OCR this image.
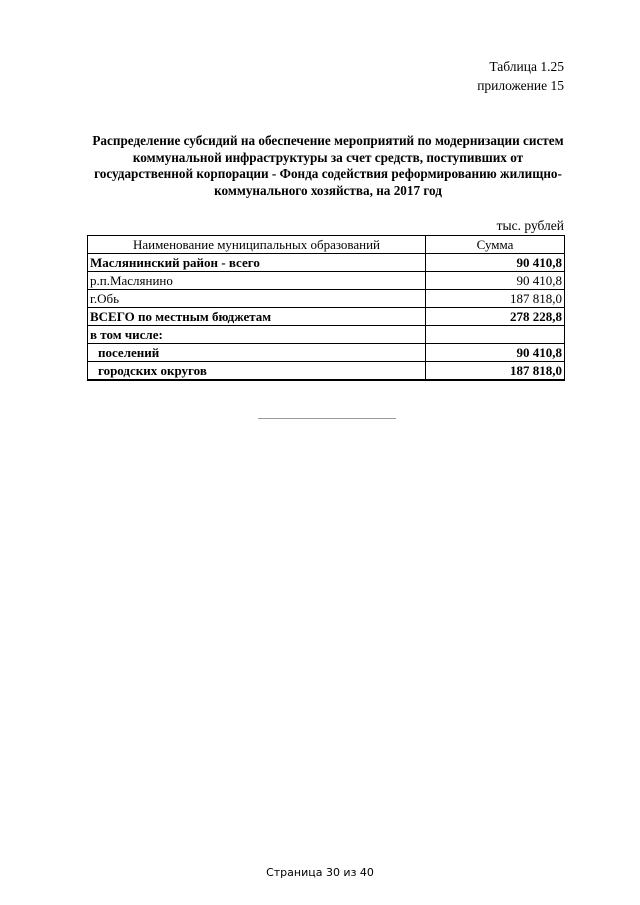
Таблица 1.25
приложение 15
Распределение субсидий на обеспечение мероприятий по модернизации систем коммунальной инфраструктуры за счет средств, поступивших от государственной корпорации - Фонда содействия реформированию жилищно-коммунального хозяйства, на 2017 год
тыс. рублей
Наименование муниципальных образований	Сумма
Маслянинский район - всего	90 410,8
р.п.Маслянино	90 410,8
г.Обь	187 818,0
ВСЕГО по местным бюджетам	278 228,8
в том числе:	
поселений	90 410,8
городских округов	187 818,0
Страница 30 из 40
